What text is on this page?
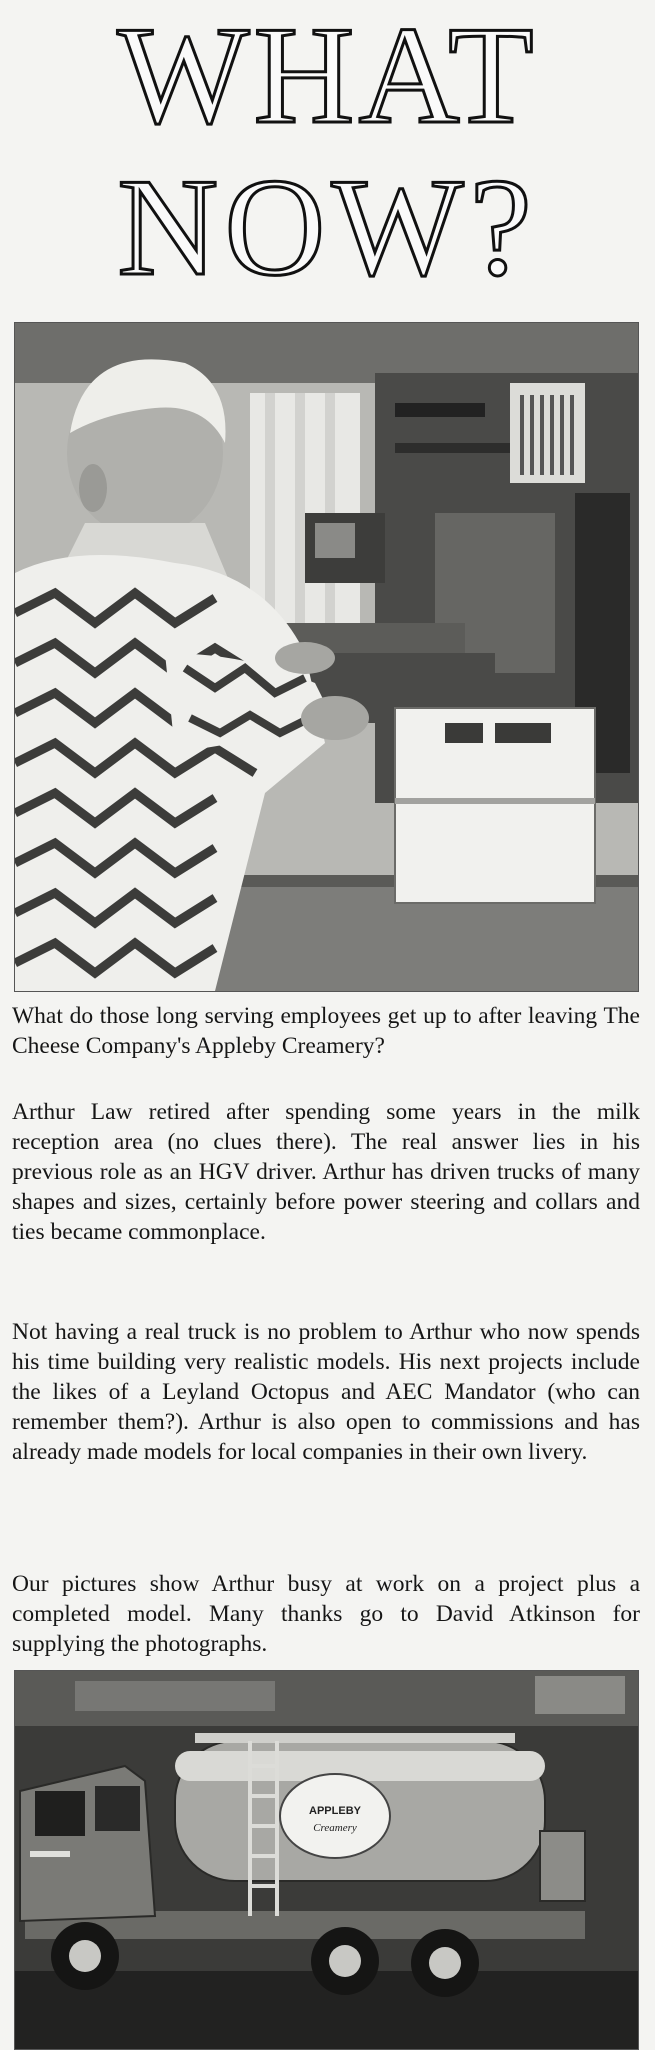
WHAT
NOW?

What do those long serving employees get up to after leaving The Cheese Company's Appleby Creamery?

Arthur Law retired after spending some years in the milk reception area (no clues there). The real answer lies in his previous role as an HGV driver. Arthur has driven trucks of many shapes and sizes, certainly before power steering and collars and ties became commonplace.

Not having a real truck is no problem to Arthur who now spends his time building very realistic models. His next projects include the likes of a Leyland Octopus and AEC Mandator (who can remember them?). Arthur is also open to commissions and has already made models for local companies in their own livery.

Our pictures show Arthur busy at work on a project plus a completed model. Many thanks go to David Atkinson for supplying the photographs.

APPLEBY
Creamery
